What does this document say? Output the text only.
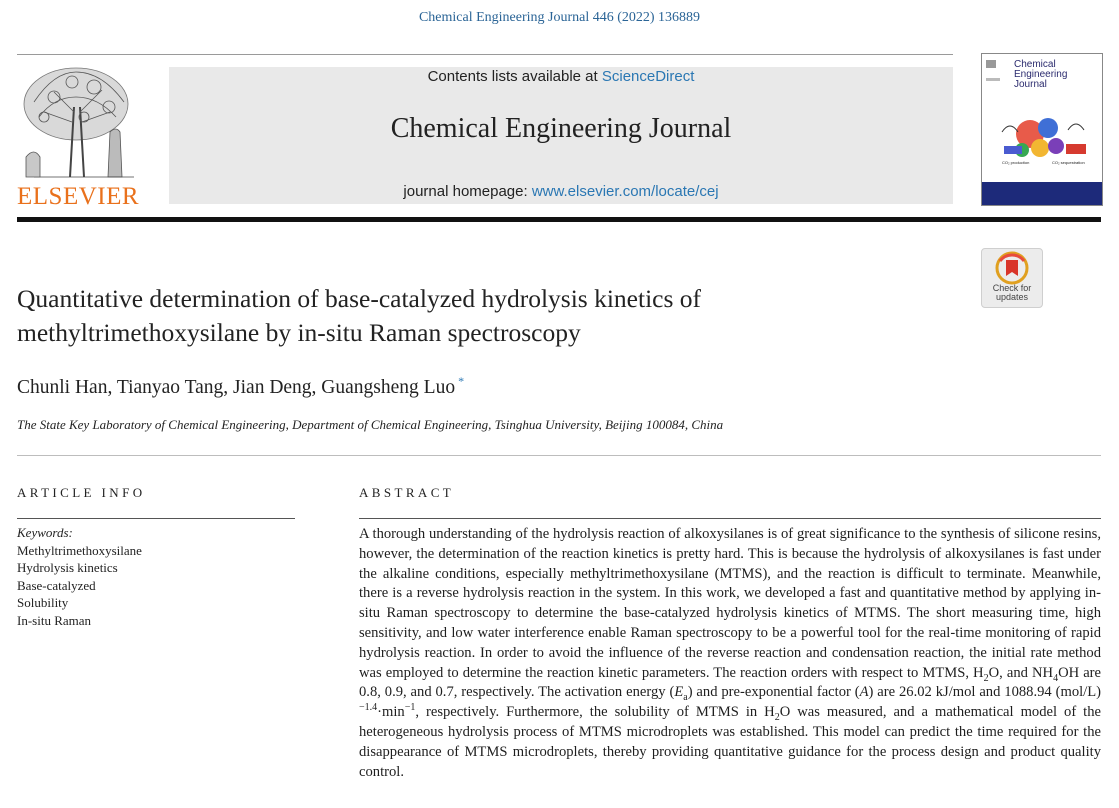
Chemical Engineering Journal 446 (2022) 136889
ELSEVIER
Contents lists available at ScienceDirect
Chemical Engineering Journal
journal homepage: www.elsevier.com/locate/cej
Chemical
Engineering
Journal
CO₂ production	CO₂ sequestration
Check for
updates
Quantitative determination of base-catalyzed hydrolysis kinetics of
methyltrimethoxysilane by in-situ Raman spectroscopy
Chunli Han, Tianyao Tang, Jian Deng, Guangsheng Luo *
The State Key Laboratory of Chemical Engineering, Department of Chemical Engineering, Tsinghua University, Beijing 100084, China
ARTICLE INFO	ABSTRACT
Keywords:
Methyltrimethoxysilane
Hydrolysis kinetics
Base-catalyzed
Solubility
In-situ Raman
A thorough understanding of the hydrolysis reaction of alkoxysilanes is of great significance to the synthesis of silicone resins, however, the determination of the reaction kinetics is pretty hard. This is because the hydrolysis of alkoxysilanes is fast under the alkaline conditions, especially methyltrimethoxysilane (MTMS), and the reaction is difficult to terminate. Meanwhile, there is a reverse hydrolysis reaction in the system. In this work, we developed a fast and quantitative method by applying in-situ Raman spectroscopy to determine the base-catalyzed hydrolysis kinetics of MTMS. The short measuring time, high sensitivity, and low water interference enable Raman spectroscopy to be a powerful tool for the real-time monitoring of rapid hydrolysis reaction. In order to avoid the influence of the reverse reaction and condensation reaction, the initial rate method was employed to determine the reaction kinetic parameters. The reaction orders with respect to MTMS, $H_2O$, and $NH_4OH$ are 0.8, 0.9, and 0.7, respectively. The activation energy $(E_a)$ and pre-exponential factor (A) are 26.02 kJ/mol and 1088.94 $(mol/L)^{-1.4}\cdot\min^{-1}$, respectively. Furthermore, the solubility of MTMS in $H_2O$ was measured, and a mathematical model of the heterogeneous hydrolysis process of MTMS microdroplets was established. This model can predict the time required for the disappearance of MTMS microdroplets, thereby providing quantitative guidance for the process design and product quality control.
